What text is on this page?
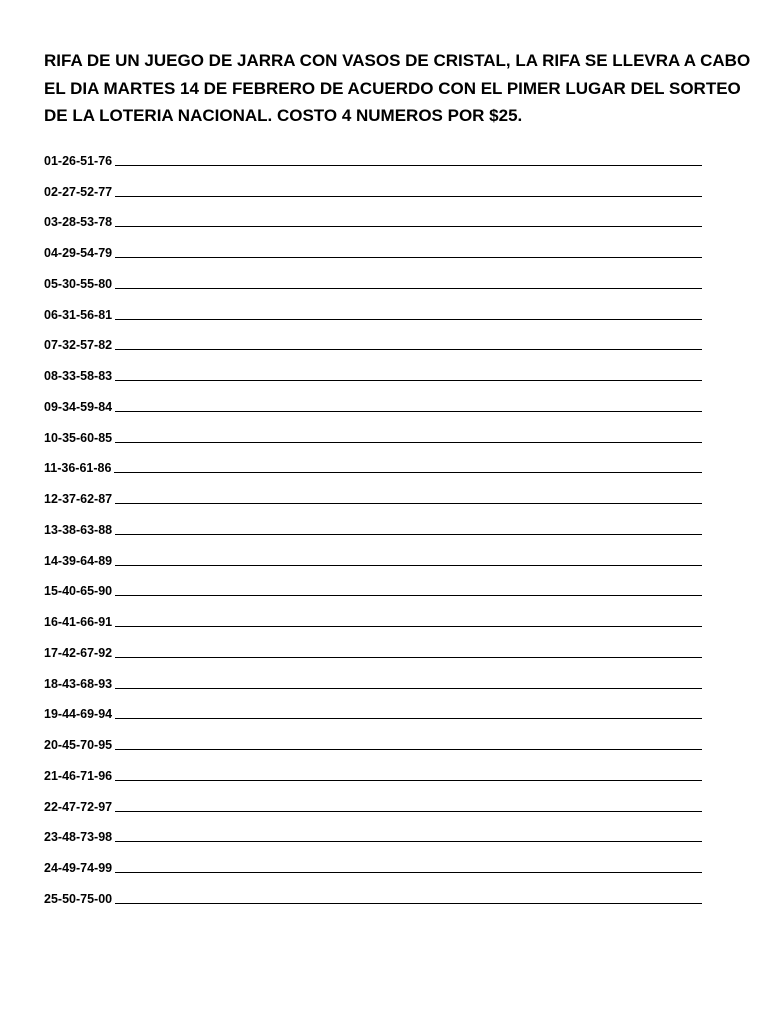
RIFA DE UN JUEGO DE JARRA CON VASOS DE CRISTAL, LA RIFA SE LLEVRA A CABO
EL DIA MARTES 14 DE FEBRERO DE ACUERDO CON EL PIMER LUGAR DEL SORTEO
DE LA LOTERIA NACIONAL. COSTO 4 NUMEROS POR $25.
01-26-51-76
02-27-52-77
03-28-53-78
04-29-54-79
05-30-55-80
06-31-56-81
07-32-57-82
08-33-58-83
09-34-59-84
10-35-60-85
11-36-61-86
12-37-62-87
13-38-63-88
14-39-64-89
15-40-65-90
16-41-66-91
17-42-67-92
18-43-68-93
19-44-69-94
20-45-70-95
21-46-71-96
22-47-72-97
23-48-73-98
24-49-74-99
25-50-75-00
